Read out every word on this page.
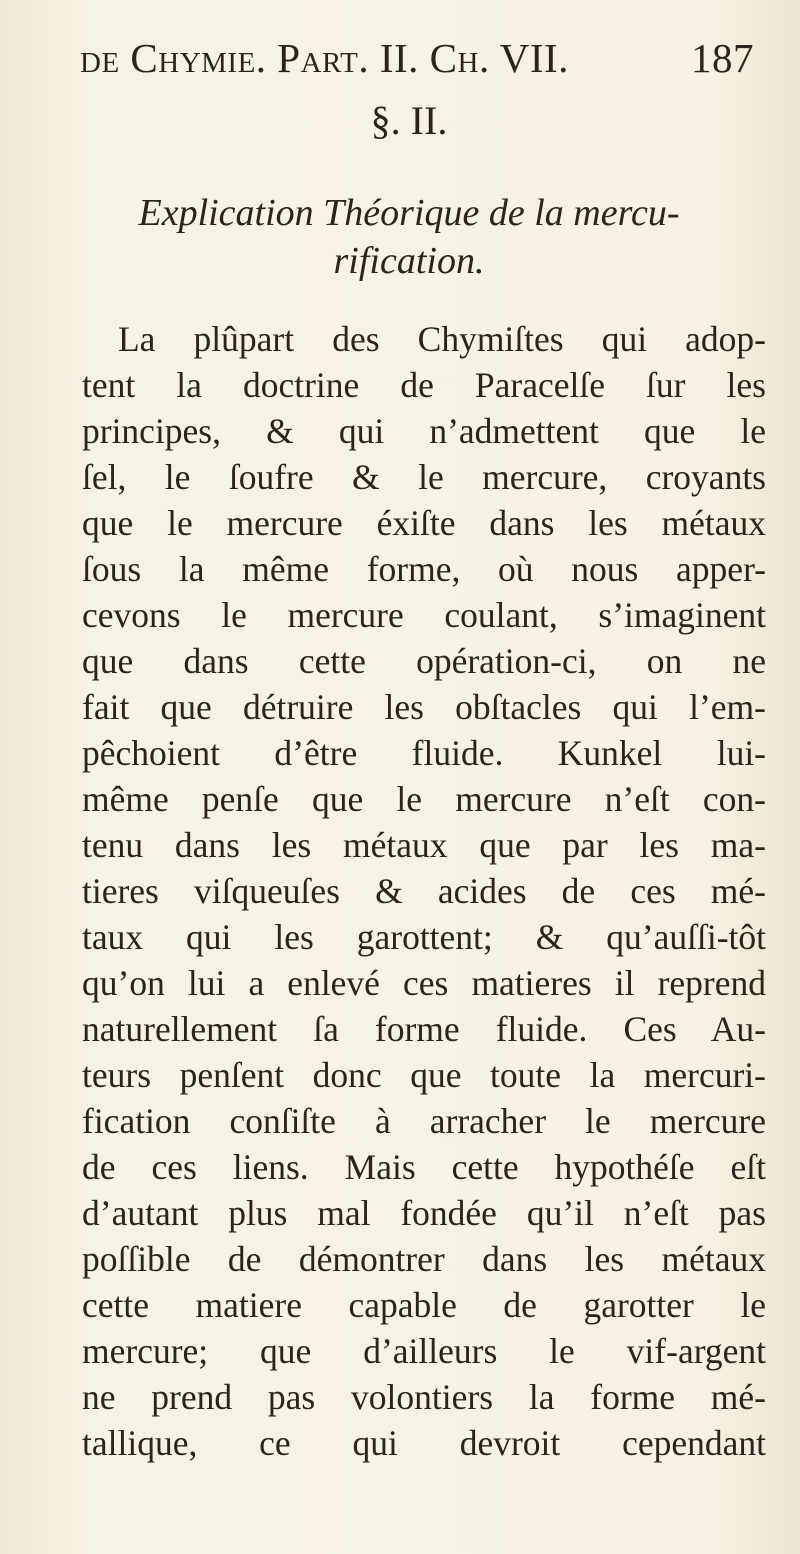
de Chymie. Part. II. Ch. VII.	187
§. II.
Explication Théorique de la mercu-
rification.
La plûpart des Chymiſtes qui adop-
tent la doctrine de Paracelſe ſur les
principes, & qui n’admettent que le
ſel, le ſoufre & le mercure, croyants
que le mercure éxiſte dans les métaux
ſous la même forme, où nous apper-
cevons le mercure coulant, s’imaginent
que dans cette opération-ci, on ne
fait que détruire les obſtacles qui l’em-
pêchoient d’être fluide. Kunkel lui-
même penſe que le mercure n’eſt con-
tenu dans les métaux que par les ma-
tieres viſqueuſes & acides de ces mé-
taux qui les garottent; & qu’auſſi-tôt
qu’on lui a enlevé ces matieres il reprend
naturellement ſa forme fluide. Ces Au-
teurs penſent donc que toute la mercuri-
fication conſiſte à arracher le mercure
de ces liens. Mais cette hypothéſe eſt
d’autant plus mal fondée qu’il n’eſt pas
poſſible de démontrer dans les métaux
cette matiere capable de garotter le
mercure; que d’ailleurs le vif-argent
ne prend pas volontiers la forme mé-
tallique, ce qui devroit cependant
